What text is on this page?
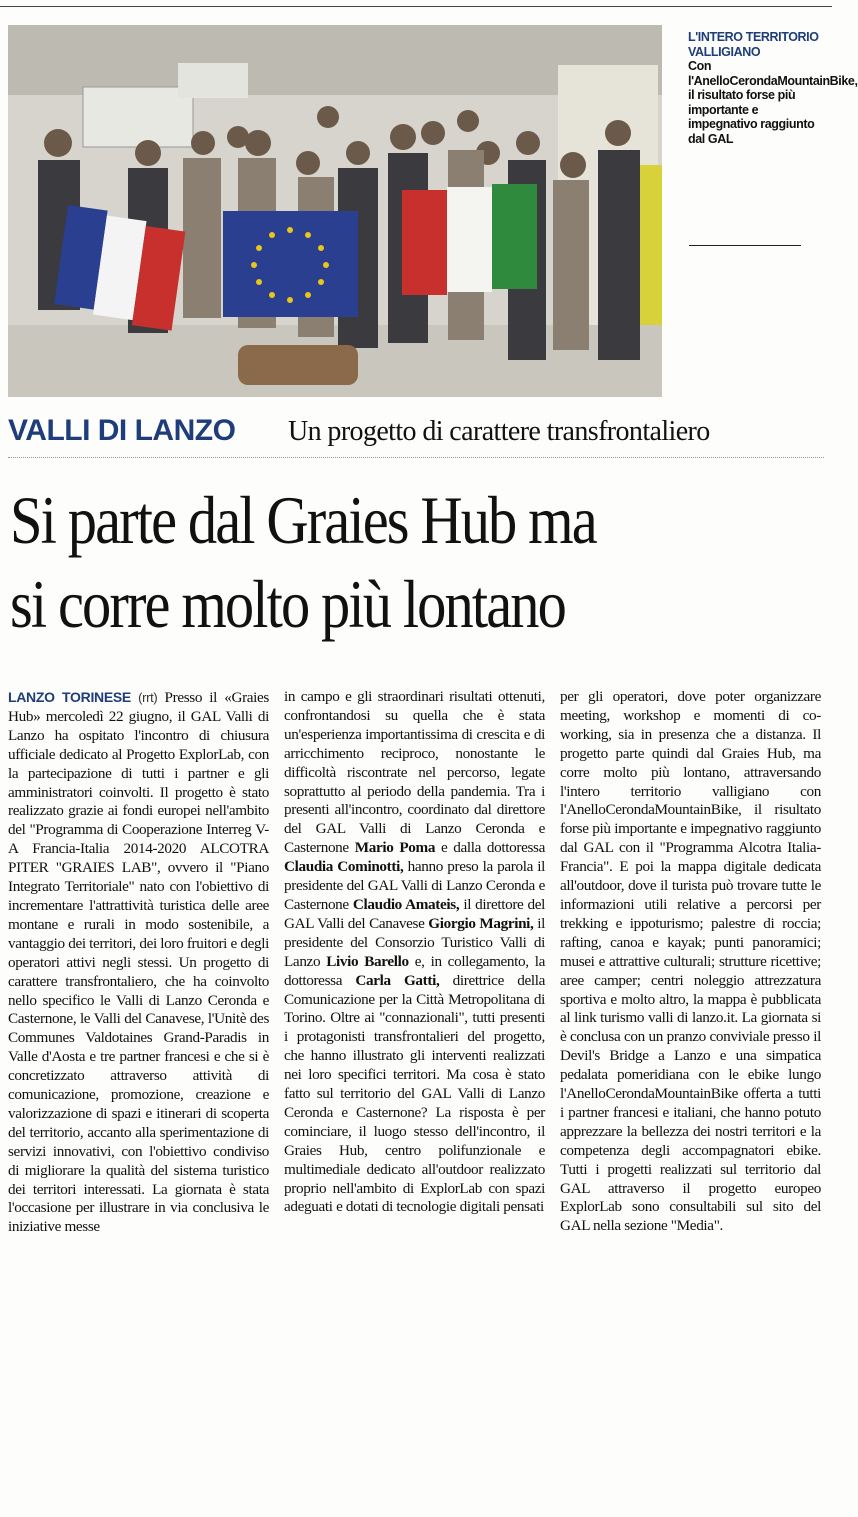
L'INTERO TERRITORIO VALLIGIANO
Con l'AnelloCerondaMountainBike, il risultato forse più importante e impegnativo raggiunto dal GAL
VALLI DI LANZO Un progetto di carattere transfrontaliero
Si parte dal Graies Hub ma
si corre molto più lontano
LANZO TORINESE (rrt) Presso il «Graies Hub» mercoledì 22 giugno, il GAL Valli di Lanzo ha ospitato l'incontro di chiusura ufficiale dedicato al Progetto ExplorLab, con la partecipazione di tutti i partner e gli amministratori coinvolti. Il progetto è stato realizzato grazie ai fondi europei nell'ambito del "Programma di Cooperazione Interreg V-A Francia-Italia 2014-2020 ALCOTRA PITER "GRAIES LAB", ovvero il "Piano Integrato Territoriale" nato con l'obiettivo di incrementare l'attrattività turistica delle aree montane e rurali in modo sostenibile, a vantaggio dei territori, dei loro fruitori e degli operatori attivi negli stessi. Un progetto di carattere transfrontaliero, che ha coinvolto nello specifico le Valli di Lanzo Ceronda e Casternone, le Valli del Canavese, l'Unitè des Communes Valdotaines Grand-Paradis in Valle d'Aosta e tre partner francesi e che si è concretizzato attraverso attività di comunicazione, promozione, creazione e valorizzazione di spazi e itinerari di scoperta del territorio, accanto alla sperimentazione di servizi innovativi, con l'obiettivo condiviso di migliorare la qualità del sistema turistico dei territori interessati. La giornata è stata l'occasione per illustrare in via conclusiva le iniziative messe
in campo e gli straordinari risultati ottenuti, confrontandosi su quella che è stata un'esperienza importantissima di crescita e di arricchimento reciproco, nonostante le difficoltà riscontrate nel percorso, legate soprattutto al periodo della pandemia. Tra i presenti all'incontro, coordinato dal direttore del GAL Valli di Lanzo Ceronda e Casternone Mario Poma e dalla dottoressa Claudia Cominotti, hanno preso la parola il presidente del GAL Valli di Lanzo Ceronda e Casternone Claudio Amateis, il direttore del GAL Valli del Canavese Giorgio Magrini, il presidente del Consorzio Turistico Valli di Lanzo Livio Barello e, in collegamento, la dottoressa Carla Gatti, direttrice della Comunicazione per la Città Metropolitana di Torino. Oltre ai "connazionali", tutti presenti i protagonisti transfrontalieri del progetto, che hanno illustrato gli interventi realizzati nei loro specifici territori. Ma cosa è stato fatto sul territorio del GAL Valli di Lanzo Ceronda e Casternone? La risposta è per cominciare, il luogo stesso dell'incontro, il Graies Hub, centro polifunzionale e multimediale dedicato all'outdoor realizzato proprio nell'ambito di ExplorLab con spazi adeguati e dotati di tecnologie digitali pensati
per gli operatori, dove poter organizzare meeting, workshop e momenti di co-working, sia in presenza che a distanza. Il progetto parte quindi dal Graies Hub, ma corre molto più lontano, attraversando l'intero territorio valligiano con l'AnelloCerondaMountainBike, il risultato forse più importante e impegnativo raggiunto dal GAL con il "Programma Alcotra Italia-Francia". E poi la mappa digitale dedicata all'outdoor, dove il turista può trovare tutte le informazioni utili relative a percorsi per trekking e ippoturismo; palestre di roccia; rafting, canoa e kayak; punti panoramici; musei e attrattive culturali; strutture ricettive; aree camper; centri noleggio attrezzatura sportiva e molto altro, la mappa è pubblicata al link turismo valli di lanzo.it. La giornata si è conclusa con un pranzo conviviale presso il Devil's Bridge a Lanzo e una simpatica pedalata pomeridiana con le ebike lungo l'AnelloCerondaMountainBike offerta a tutti i partner francesi e italiani, che hanno potuto apprezzare la bellezza dei nostri territori e la competenza degli accompagnatori ebike. Tutti i progetti realizzati sul territorio dal GAL attraverso il progetto europeo ExplorLab sono consultabili sul sito del GAL nella sezione "Media".
